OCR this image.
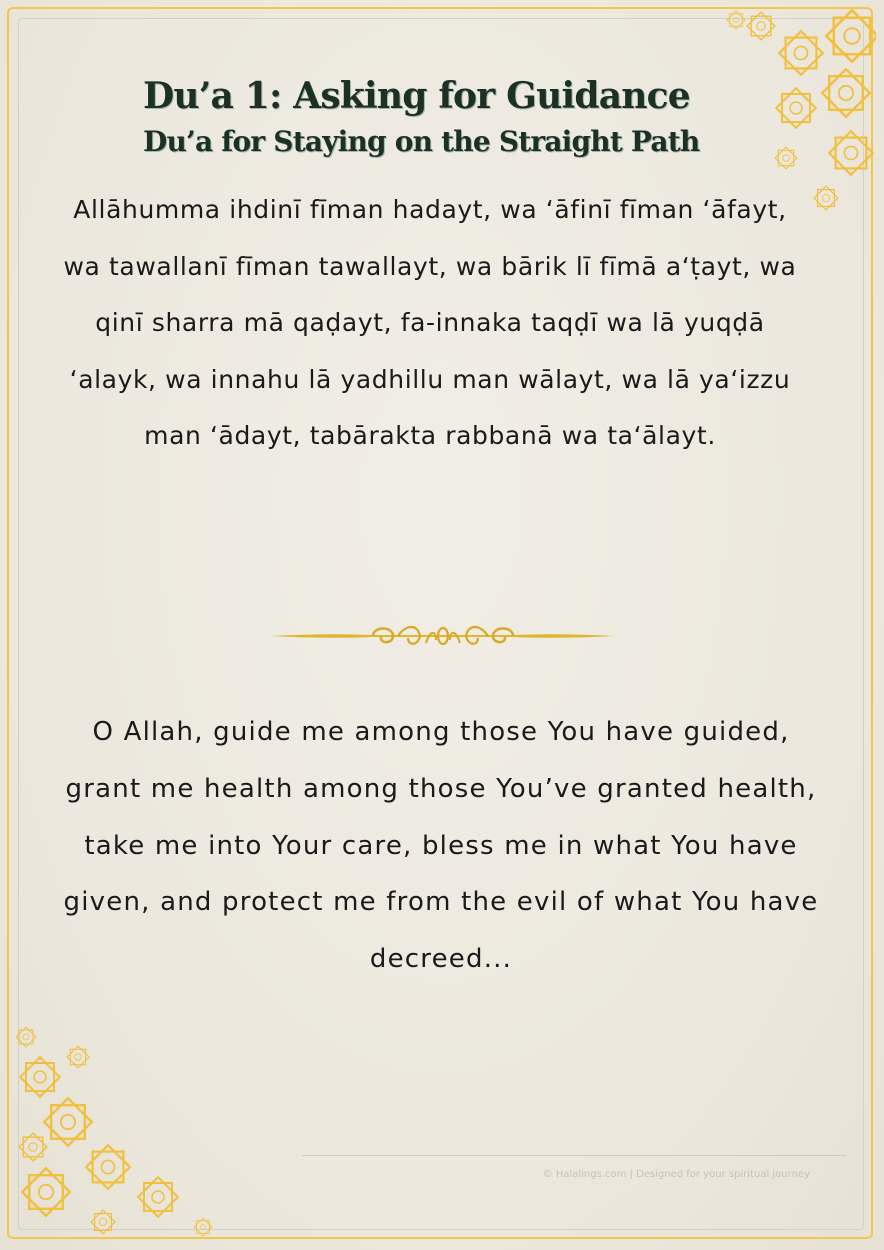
Du’a 1: Asking for Guidance
Du’a for Staying on the Straight Path

Allāhumma ihdinī fīman hadayt, wa ‘āfinī fīman ‘āfayt, wa tawallanī fīman tawallayt, wa bārik lī fīmā a‘ṭayt, wa qinī sharra mā qaḍayt, fa-innaka taqḍī wa lā yuqḍā ‘alayk, wa innahu lā yadhillu man wālayt, wa lā ya‘izzu man ‘ādayt, tabārakta rabbanā wa ta‘ālayt.

O Allah, guide me among those You have guided, grant me health among those You’ve granted health, take me into Your care, bless me in what You have given, and protect me from the evil of what You have decreed...

© Halalings.com | Designed for your spiritual journey
